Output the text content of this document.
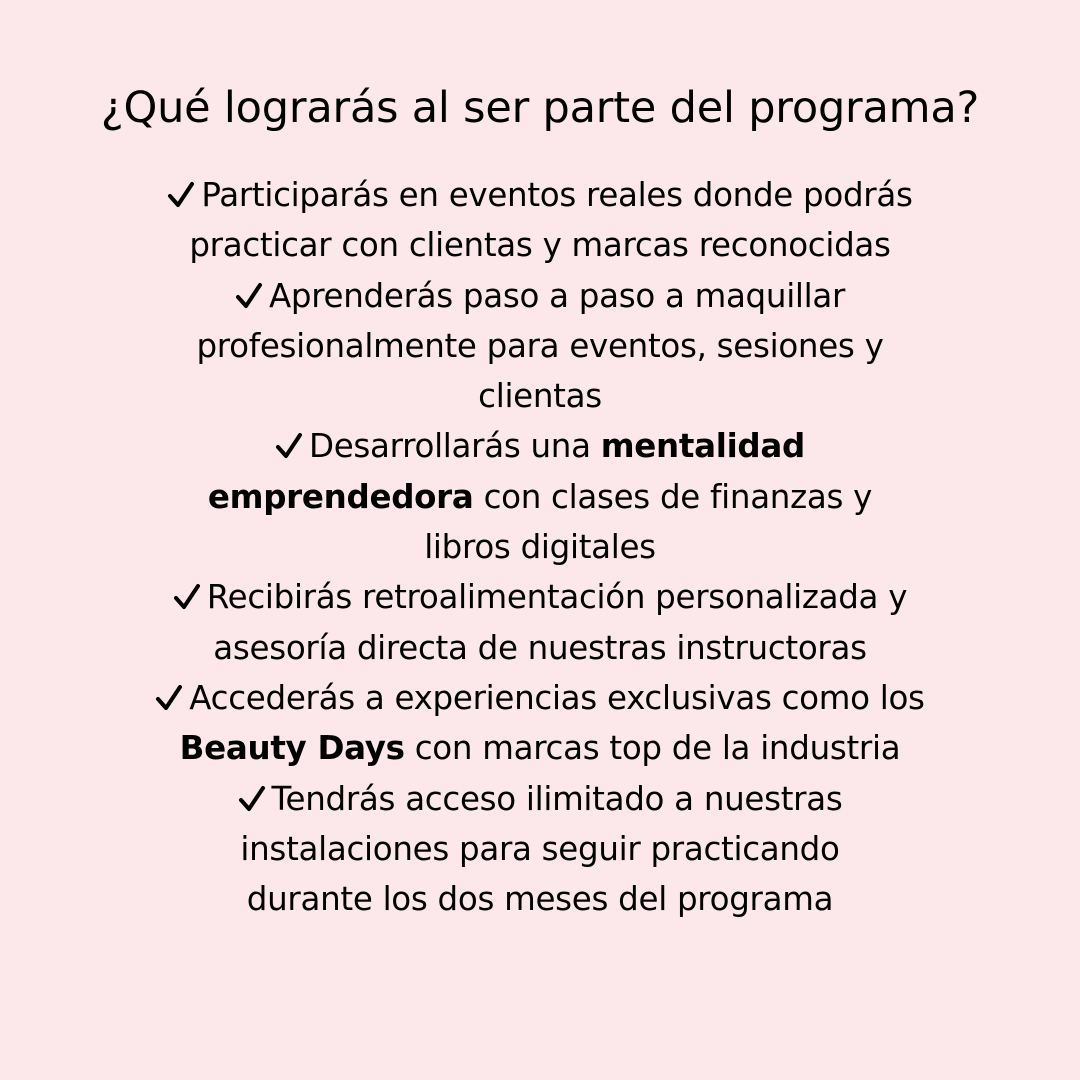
¿Qué lograrás al ser parte del programa?
Participarás en eventos reales donde podrás practicar con clientas y marcas reconocidas
Aprenderás paso a paso a maquillar profesionalmente para eventos, sesiones y clientas
Desarrollarás una mentalidad emprendedora con clases de finanzas y libros digitales
Recibirás retroalimentación personalizada y asesoría directa de nuestras instructoras
Accederás a experiencias exclusivas como los Beauty Days con marcas top de la industria
Tendrás acceso ilimitado a nuestras instalaciones para seguir practicando durante los dos meses del programa
